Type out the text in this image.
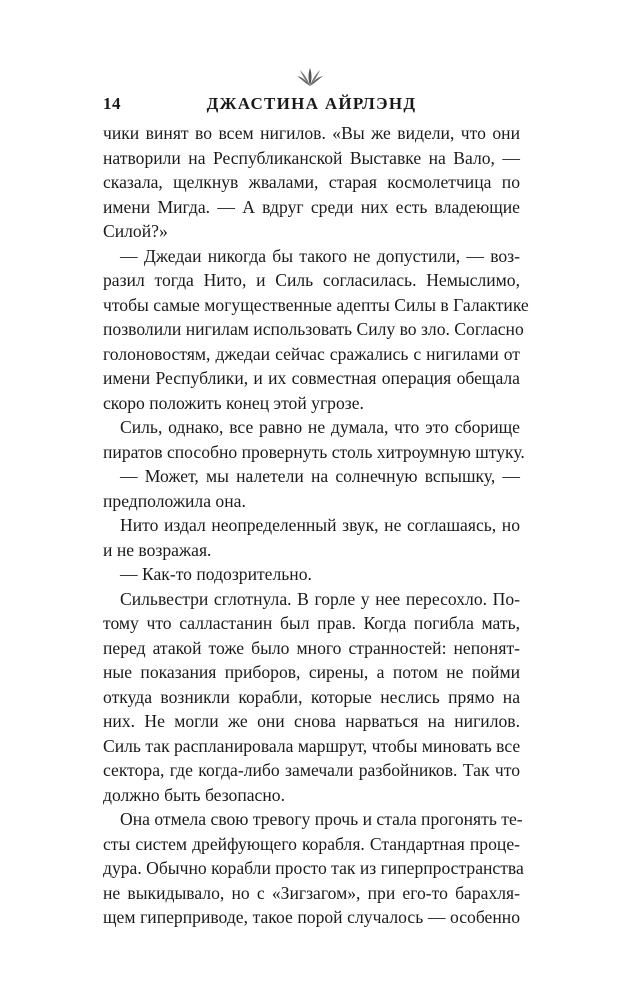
14	ДЖАСТИНА АЙРЛЭНД
чики винят во всем нигилов. «Вы же видели, что они
натворили на Республиканской Выставке на Вало, —
сказала, щелкнув жвалами, старая космолетчица по
имени Мигда. — А вдруг среди них есть владеющие
Силой?»
— Джедаи никогда бы такого не допустили, — воз-
разил тогда Нито, и Силь согласилась. Немыслимо,
чтобы самые могущественные адепты Силы в Галактике
позволили нигилам использовать Силу во зло. Согласно
голоновостям, джедаи сейчас сражались с нигилами от
имени Республики, и их совместная операция обещала
скоро положить конец этой угрозе.
Силь, однако, все равно не думала, что это сборище
пиратов способно провернуть столь хитроумную штуку.
— Может, мы налетели на солнечную вспышку, —
предположила она.
Нито издал неопределенный звук, не соглашаясь, но
и не возражая.
— Как-то подозрительно.
Сильвестри сглотнула. В горле у нее пересохло. По-
тому что салластанин был прав. Когда погибла мать,
перед атакой тоже было много странностей: непонят-
ные показания приборов, сирены, а потом не пойми
откуда возникли корабли, которые неслись прямо на
них. Не могли же они снова нарваться на нигилов.
Силь так распланировала маршрут, чтобы миновать все
сектора, где когда-либо замечали разбойников. Так что
должно быть безопасно.
Она отмела свою тревогу прочь и стала прогонять те-
сты систем дрейфующего корабля. Стандартная проце-
дура. Обычно корабли просто так из гиперпространства
не выкидывало, но с «Зигзагом», при его-то барахля-
щем гиперприводе, такое порой случалось — особенно
